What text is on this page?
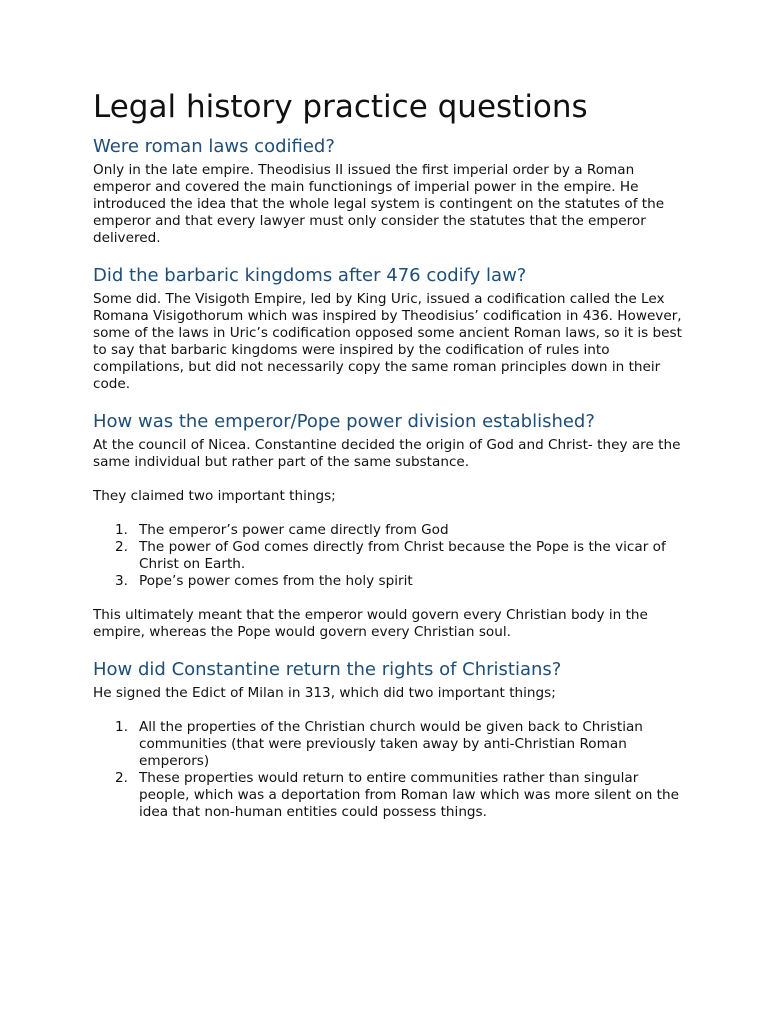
Legal history practice questions
Were roman laws codified?

Only in the late empire. Theodisius II issued the first imperial order by a Roman emperor and covered the main functionings of imperial power in the empire. He introduced the idea that the whole legal system is contingent on the statutes of the emperor and that every lawyer must only consider the statutes that the emperor delivered.

Did the barbaric kingdoms after 476 codify law?

Some did. The Visigoth Empire, led by King Uric, issued a codification called the Lex Romana Visigothorum which was inspired by Theodisius’ codification in 436. However, some of the laws in Uric’s codification opposed some ancient Roman laws, so it is best to say that barbaric kingdoms were inspired by the codification of rules into compilations, but did not necessarily copy the same roman principles down in their code.

How was the emperor/Pope power division established?

At the council of Nicea. Constantine decided the origin of God and Christ- they are the same individual but rather part of the same substance.

They claimed two important things;

1. The emperor’s power came directly from God
2. The power of God comes directly from Christ because the Pope is the vicar of Christ on Earth.
3. Pope’s power comes from the holy spirit

This ultimately meant that the emperor would govern every Christian body in the empire, whereas the Pope would govern every Christian soul.

How did Constantine return the rights of Christians?

He signed the Edict of Milan in 313, which did two important things;

1. All the properties of the Christian church would be given back to Christian communities (that were previously taken away by anti-Christian Roman emperors)
2. These properties would return to entire communities rather than singular people, which was a deportation from Roman law which was more silent on the idea that non-human entities could possess things.
